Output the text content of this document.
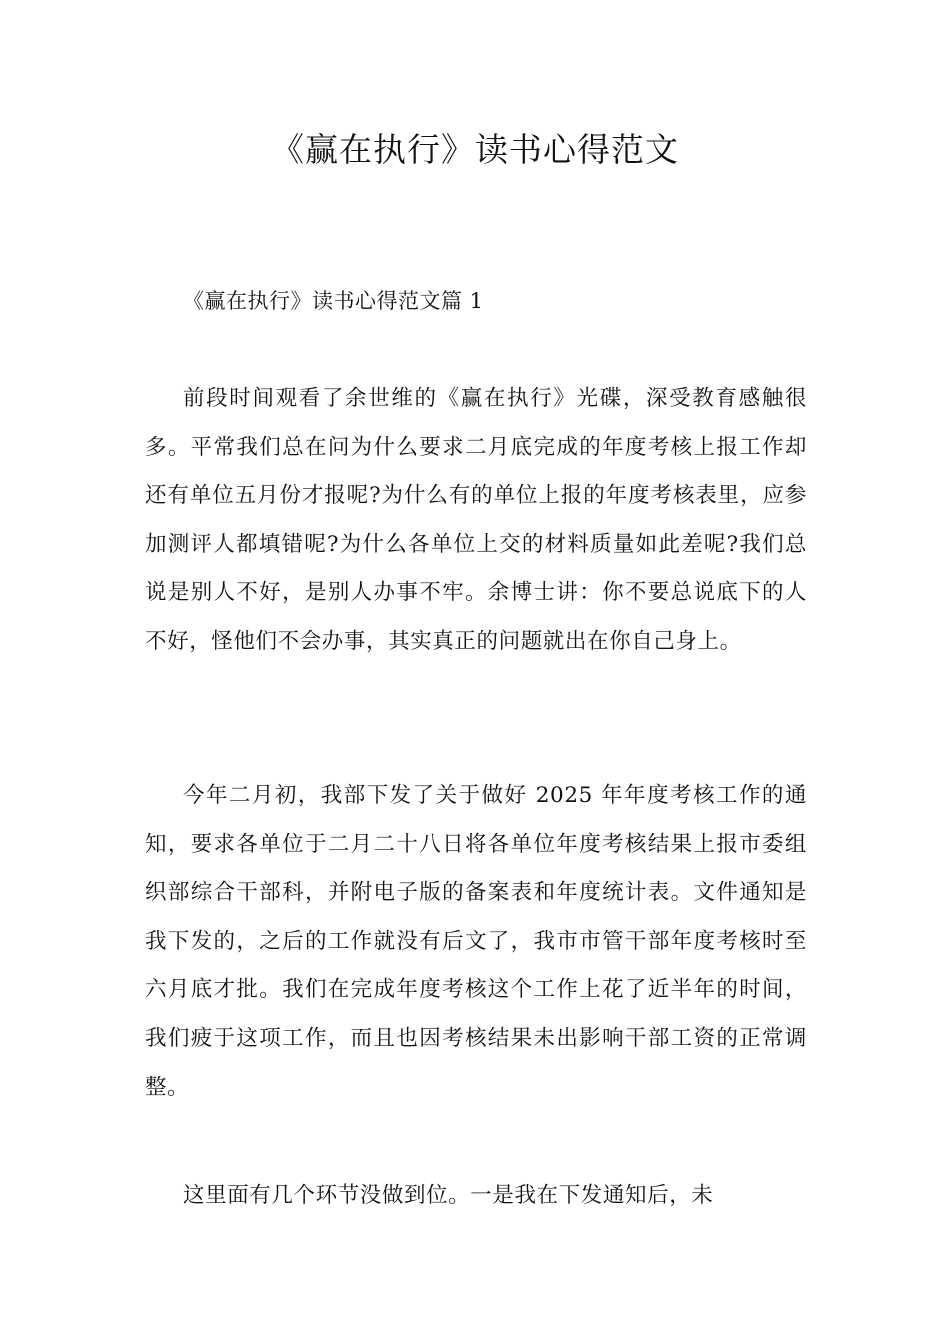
《赢在执行》读书心得范文
《赢在执行》读书心得范文篇 1

前段时间观看了余世维的《赢在执行》光碟，深受教育感触很多。平常我们总在问为什么要求二月底完成的年度考核上报工作却还有单位五月份才报呢?为什么有的单位上报的年度考核表里，应参加测评人都填错呢?为什么各单位上交的材料质量如此差呢?我们总说是别人不好，是别人办事不牢。余博士讲：你不要总说底下的人不好，怪他们不会办事，其实真正的问题就出在你自己身上。

今年二月初，我部下发了关于做好 2025 年年度考核工作的通知，要求各单位于二月二十八日将各单位年度考核结果上报市委组织部综合干部科，并附电子版的备案表和年度统计表。文件通知是我下发的，之后的工作就没有后文了，我市市管干部年度考核时至六月底才批。我们在完成年度考核这个工作上花了近半年的时间，我们疲于这项工作，而且也因考核结果未出影响干部工资的正常调整。

这里面有几个环节没做到位。一是我在下发通知后，未
